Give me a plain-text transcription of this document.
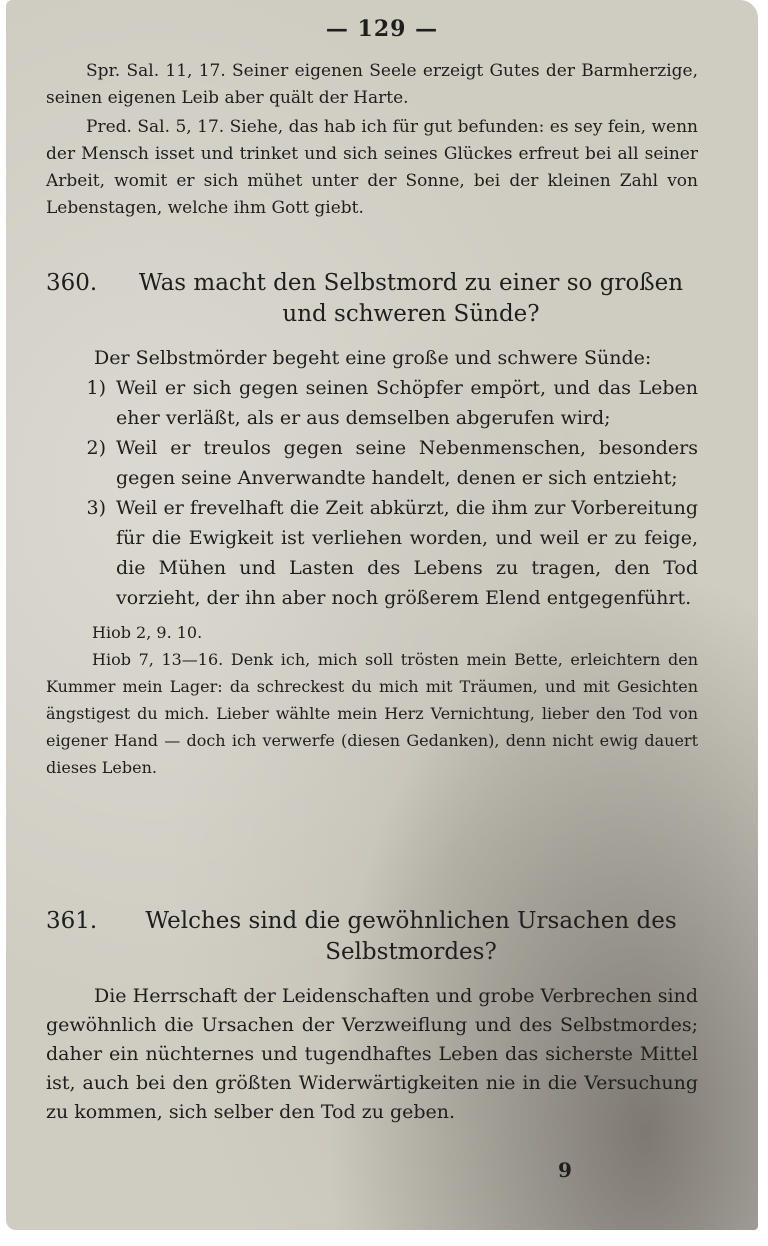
— 129 —

Spr. Sal. 11, 17. Seiner eigenen Seele erzeigt Gutes der Barmherzige, seinen eigenen Leib aber quält der Harte.

Pred. Sal. 5, 17. Siehe, das hab ich für gut befunden: es sey fein, wenn der Mensch isset und trinket und sich seines Glückes erfreut bei all seiner Arbeit, womit er sich mühet unter der Sonne, bei der kleinen Zahl von Lebenstagen, welche ihm Gott giebt.

360.	Was macht den Selbstmord zu einer so großen und schweren Sünde?

Der Selbstmörder begeht eine große und schwere Sünde:

1) Weil er sich gegen seinen Schöpfer empört, und das Leben eher verläßt, als er aus demselben abgerufen wird;
2) Weil er treulos gegen seine Nebenmenschen, besonders gegen seine Anverwandte handelt, denen er sich entzieht;
3) Weil er frevelhaft die Zeit abkürzt, die ihm zur Vorbereitung für die Ewigkeit ist verliehen worden, und weil er zu feige, die Mühen und Lasten des Lebens zu tragen, den Tod vorzieht, der ihn aber noch größerem Elend entgegenführt.

Hiob 2, 9. 10.

Hiob 7, 13—16. Denk ich, mich soll trösten mein Bette, erleichtern den Kummer mein Lager: da schreckest du mich mit Träumen, und mit Gesichten ängstigest du mich. Lieber wählte mein Herz Vernichtung, lieber den Tod von eigener Hand — doch ich verwerfe (diesen Gedanken), denn nicht ewig dauert dieses Leben.

361.	Welches sind die gewöhnlichen Ursachen des Selbstmordes?

Die Herrschaft der Leidenschaften und grobe Verbrechen sind gewöhnlich die Ursachen der Verzweiflung und des Selbstmordes; daher ein nüchternes und tugendhaftes Leben das sicherste Mittel ist, auch bei den größten Widerwärtigkeiten nie in die Versuchung zu kommen, sich selber den Tod zu geben.

9
